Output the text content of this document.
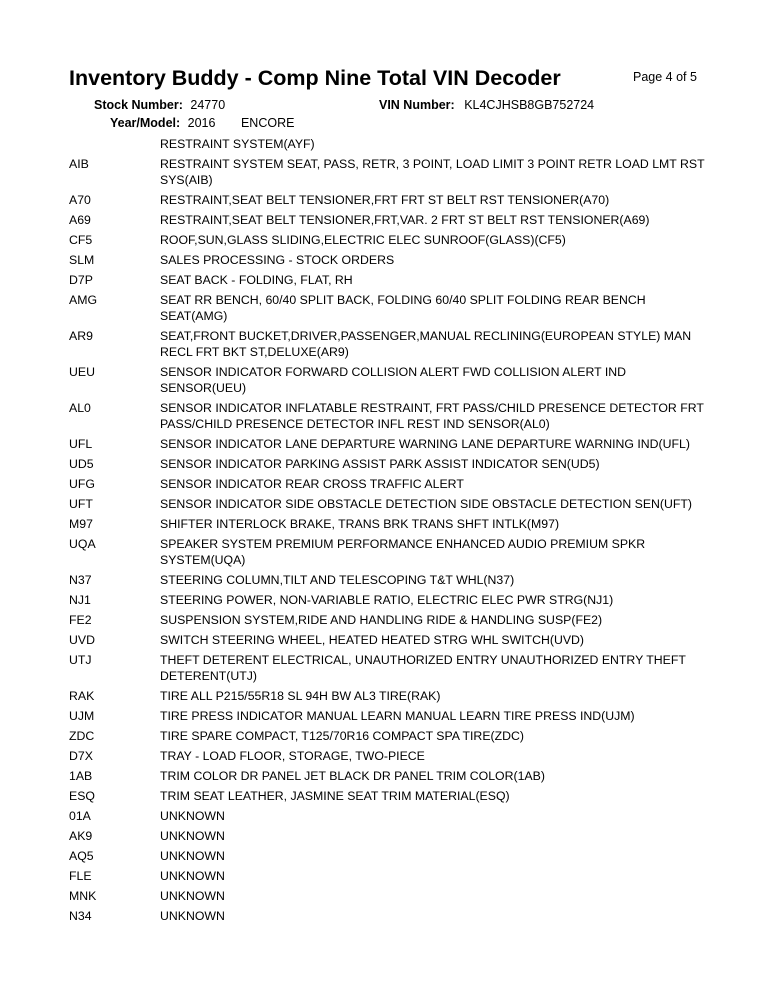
Inventory Buddy - Comp Nine Total VIN Decoder	Page 4 of 5
Stock Number: 24770	VIN Number: KL4CJHSB8GB752724
Year/Model: 2016 ENCORE
RESTRAINT SYSTEM(AYF)
AIB	RESTRAINT SYSTEM SEAT, PASS, RETR, 3 POINT, LOAD LIMIT 3 POINT RETR LOAD LMT RST SYS(AIB)
A70	RESTRAINT,SEAT BELT TENSIONER,FRT FRT ST BELT RST TENSIONER(A70)
A69	RESTRAINT,SEAT BELT TENSIONER,FRT,VAR. 2 FRT ST BELT RST TENSIONER(A69)
CF5	ROOF,SUN,GLASS SLIDING,ELECTRIC ELEC SUNROOF(GLASS)(CF5)
SLM	SALES PROCESSING - STOCK ORDERS
D7P	SEAT BACK - FOLDING, FLAT, RH
AMG	SEAT RR BENCH, 60/40 SPLIT BACK, FOLDING 60/40 SPLIT FOLDING REAR BENCH SEAT(AMG)
AR9	SEAT,FRONT BUCKET,DRIVER,PASSENGER,MANUAL RECLINING(EUROPEAN STYLE) MAN RECL FRT BKT ST,DELUXE(AR9)
UEU	SENSOR INDICATOR FORWARD COLLISION ALERT FWD COLLISION ALERT IND SENSOR(UEU)
AL0	SENSOR INDICATOR INFLATABLE RESTRAINT, FRT PASS/CHILD PRESENCE DETECTOR FRT PASS/CHILD PRESENCE DETECTOR INFL REST IND SENSOR(AL0)
UFL	SENSOR INDICATOR LANE DEPARTURE WARNING LANE DEPARTURE WARNING IND(UFL)
UD5	SENSOR INDICATOR PARKING ASSIST PARK ASSIST INDICATOR SEN(UD5)
UFG	SENSOR INDICATOR REAR CROSS TRAFFIC ALERT
UFT	SENSOR INDICATOR SIDE OBSTACLE DETECTION SIDE OBSTACLE DETECTION SEN(UFT)
M97	SHIFTER INTERLOCK BRAKE, TRANS BRK TRANS SHFT INTLK(M97)
UQA	SPEAKER SYSTEM PREMIUM PERFORMANCE ENHANCED AUDIO PREMIUM SPKR SYSTEM(UQA)
N37	STEERING COLUMN,TILT AND TELESCOPING T&T WHL(N37)
NJ1	STEERING POWER, NON-VARIABLE RATIO, ELECTRIC ELEC PWR STRG(NJ1)
FE2	SUSPENSION SYSTEM,RIDE AND HANDLING RIDE & HANDLING SUSP(FE2)
UVD	SWITCH STEERING WHEEL, HEATED HEATED STRG WHL SWITCH(UVD)
UTJ	THEFT DETERENT ELECTRICAL, UNAUTHORIZED ENTRY UNAUTHORIZED ENTRY THEFT DETERENT(UTJ)
RAK	TIRE ALL P215/55R18 SL 94H BW AL3 TIRE(RAK)
UJM	TIRE PRESS INDICATOR MANUAL LEARN MANUAL LEARN TIRE PRESS IND(UJM)
ZDC	TIRE SPARE COMPACT, T125/70R16 COMPACT SPA TIRE(ZDC)
D7X	TRAY - LOAD FLOOR, STORAGE, TWO-PIECE
1AB	TRIM COLOR DR PANEL JET BLACK DR PANEL TRIM COLOR(1AB)
ESQ	TRIM SEAT LEATHER, JASMINE SEAT TRIM MATERIAL(ESQ)
01A	UNKNOWN
AK9	UNKNOWN
AQ5	UNKNOWN
FLE	UNKNOWN
MNK	UNKNOWN
N34	UNKNOWN
